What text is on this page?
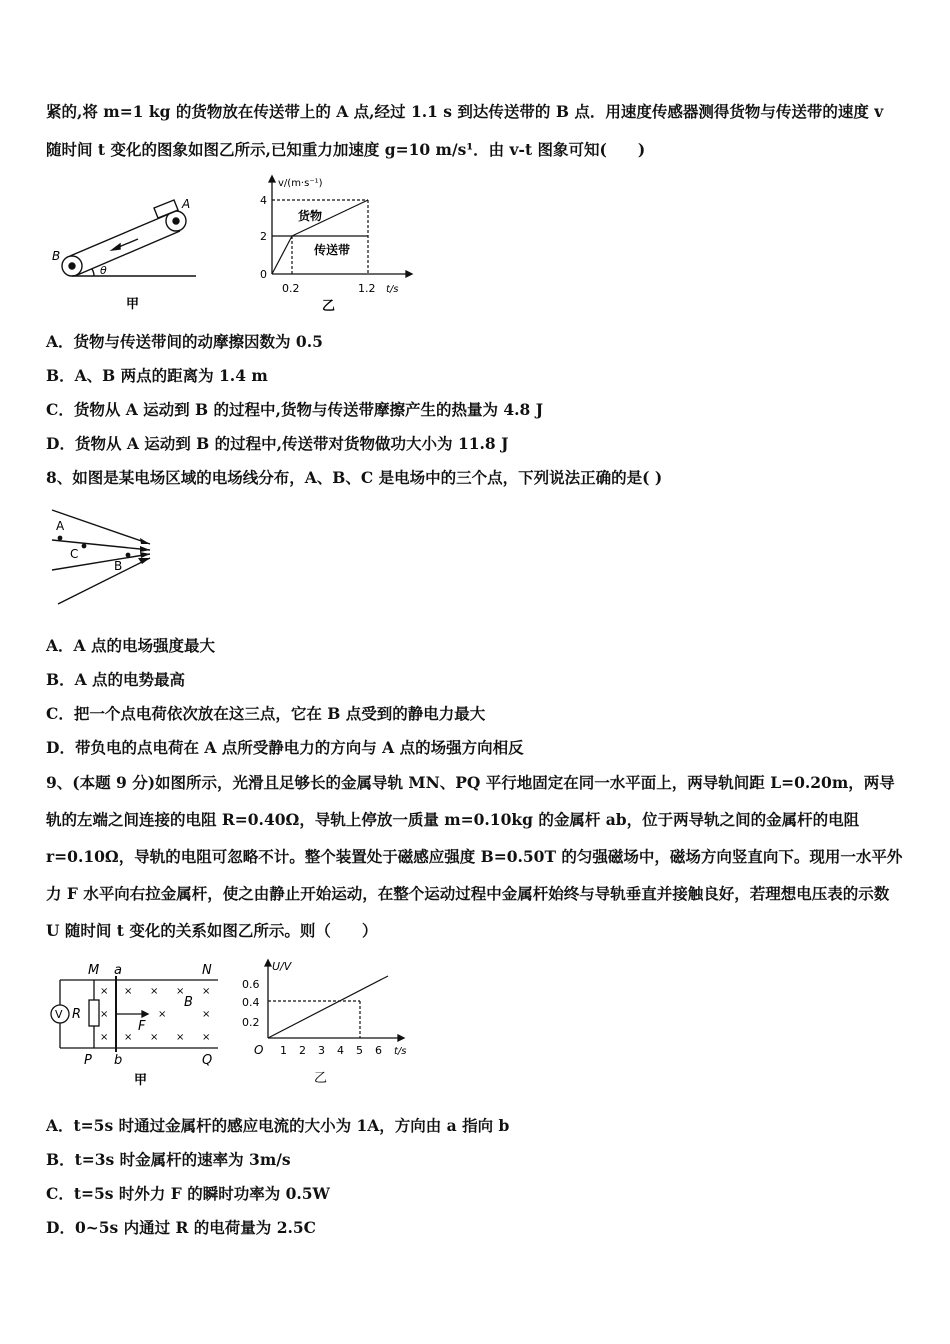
紧的,将 m=1 kg 的货物放在传送带上的 A 点,经过 1.1 s 到达传送带的 B 点．用速度传感器测得货物与传送带的速度 v
随时间 t 变化的图象如图乙所示,已知重力加速度 g=10 m/s¹．由 v-t 图象可知(　　)
A
B
θ
甲
v/(m·s⁻¹)
t/s
4
2
0
0.2	1.2
货物
传送带
乙
A．货物与传送带间的动摩擦因数为 0.5
B．A、B 两点的距离为 1.4 m
C．货物从 A 运动到 B 的过程中,货物与传送带摩擦产生的热量为 4.8 J
D．货物从 A 运动到 B 的过程中,传送带对货物做功大小为 11.8 J
8、如图是某电场区域的电场线分布，A、B、C 是电场中的三个点，下列说法正确的是( )
A
C
B
A．A 点的电场强度最大
B．A 点的电势最高
C．把一个点电荷依次放在这三点，它在 B 点受到的静电力最大
D．带负电的点电荷在 A 点所受静电力的方向与 A 点的场强方向相反
9、(本题 9 分)如图所示，光滑且足够长的金属导轨 MN、PQ 平行地固定在同一水平面上，两导轨间距 L=0.20m，两导轨的左端之间连接的电阻 R=0.40Ω，导轨上停放一质量 m=0.10kg 的金属杆 ab，位于两导轨之间的金属杆的电阻 r=0.10Ω，导轨的电阻可忽略不计。整个装置处于磁感应强度 B=0.50T 的匀强磁场中，磁场方向竖直向下。现用一水平外力 F 水平向右拉金属杆，使之由静止开始运动，在整个运动过程中金属杆始终与导轨垂直并接触良好，若理想电压表的示数 U 随时间 t 变化的关系如图乙所示。则（　　）
V R
M a	N
P b	Q
F
B
× × × × ×
×	×	×
× × × × ×
甲
U/V
t/s
0.6
0.4
0.2
O 1 2 3 4 5 6
乙
A．t=5s 时通过金属杆的感应电流的大小为 1A，方向由 a 指向 b
B．t=3s 时金属杆的速率为 3m/s
C．t=5s 时外力 F 的瞬时功率为 0.5W
D．0~5s 内通过 R 的电荷量为 2.5C
